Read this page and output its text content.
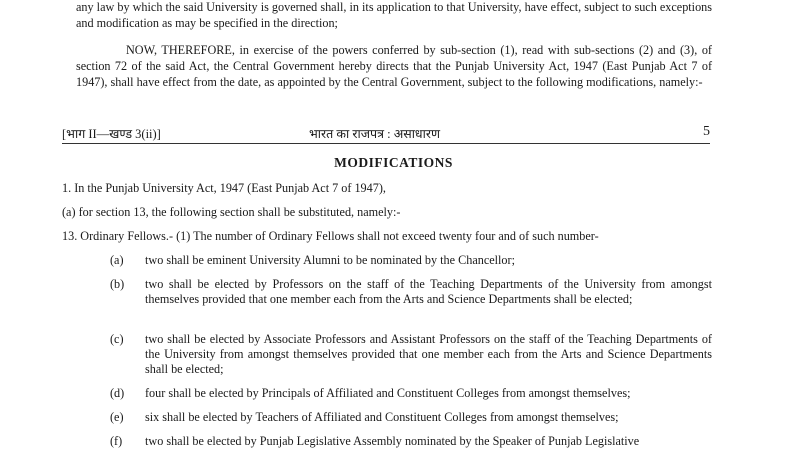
any law by which the said University is governed shall, in its application to that University, have effect, subject to such exceptions and modification as may be specified in the direction;

NOW, THEREFORE, in exercise of the powers conferred by sub-section (1), read with sub-sections (2) and (3), of section 72 of the said Act, the Central Government hereby directs that the Punjab University Act, 1947 (East Punjab Act 7 of 1947), shall have effect from the date, as appointed by the Central Government, subject to the following modifications, namely:-

[भाग II—खण्ड 3(ii)]	भारत का राजपत्र : असाधारण	5
MODIFICATIONS

1. In the Punjab University Act, 1947 (East Punjab Act 7 of 1947),

(a) for section 13, the following section shall be substituted, namely:-

13. Ordinary Fellows.- (1) The number of Ordinary Fellows shall not exceed twenty four and of such number-

(a) two shall be eminent University Alumni to be nominated by the Chancellor;
(b) two shall be elected by Professors on the staff of the Teaching Departments of the University from amongst themselves provided that one member each from the Arts and Science Departments shall be elected;
(c) two shall be elected by Associate Professors and Assistant Professors on the staff of the Teaching Departments of the University from amongst themselves provided that one member each from the Arts and Science Departments shall be elected;
(d) four shall be elected by Principals of Affiliated and Constituent Colleges from amongst themselves;
(e) six shall be elected by Teachers of Affiliated and Constituent Colleges from amongst themselves;
(f) two shall be elected by Punjab Legislative Assembly nominated by the Speaker of Punjab Legislative
